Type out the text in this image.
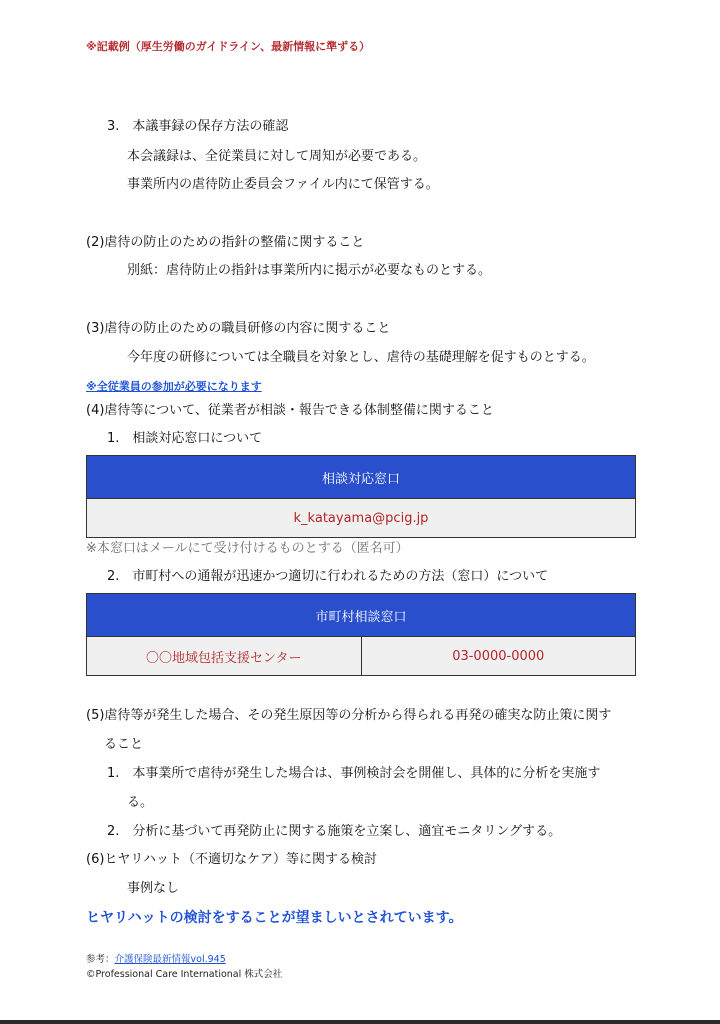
※記載例（厚生労働のガイドライン、最新情報に準ずる）
3.　本議事録の保存方法の確認
本会議録は、全従業員に対して周知が必要である。
事業所内の虐待防止委員会ファイル内にて保管する。
(2)虐待の防止のための指針の整備に関すること
別紙：虐待防止の指針は事業所内に掲示が必要なものとする。
(3)虐待の防止のための職員研修の内容に関すること
今年度の研修については全職員を対象とし、虐待の基礎理解を促すものとする。
※全従業員の参加が必要になります
(4)虐待等について、従業者が相談・報告できる体制整備に関すること
1.　相談対応窓口について
相談対応窓口
k_katayama@pcig.jp
※本窓口はメールにて受け付けるものとする（匿名可）
2.　市町村への通報が迅速かつ適切に行われるための方法（窓口）について
市町村相談窓口
〇〇地域包括支援センター	03-0000-0000
(5)虐待等が発生した場合、その発生原因等の分析から得られる再発の確実な防止策に関す
ること
1.　本事業所で虐待が発生した場合は、事例検討会を開催し、具体的に分析を実施す
る。
2.　分析に基づいて再発防止に関する施策を立案し、適宜モニタリングする。
(6)ヒヤリハット（不適切なケア）等に関する検討
事例なし
ヒヤリハットの検討をすることが望ましいとされています。
参考：介護保険最新情報vol.945
©Professional Care International 株式会社
